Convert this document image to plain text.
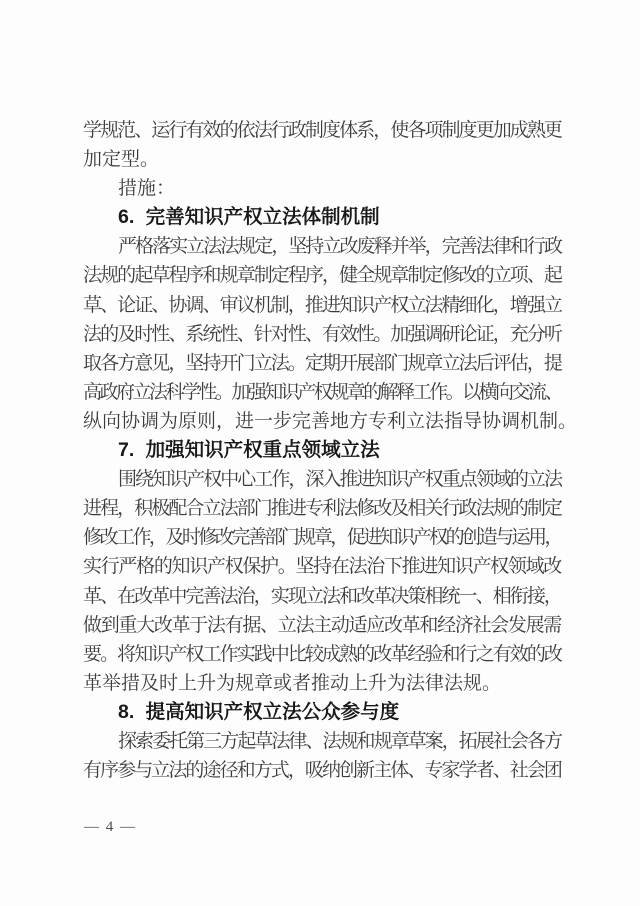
学规范、运行有效的依法行政制度体系，使各项制度更加成熟更
加定型。
措施：
6. 完善知识产权立法体制机制
严格落实立法法规定，坚持立改废释并举，完善法律和行政
法规的起草程序和规章制定程序，健全规章制定修改的立项、起
草、论证、协调、审议机制，推进知识产权立法精细化，增强立
法的及时性、系统性、针对性、有效性。加强调研论证，充分听
取各方意见，坚持开门立法。定期开展部门规章立法后评估，提
高政府立法科学性。加强知识产权规章的解释工作。以横向交流、
纵向协调为原则，进一步完善地方专利立法指导协调机制。
7. 加强知识产权重点领域立法
围绕知识产权中心工作，深入推进知识产权重点领域的立法
进程，积极配合立法部门推进专利法修改及相关行政法规的制定
修改工作，及时修改完善部门规章，促进知识产权的创造与运用，
实行严格的知识产权保护。坚持在法治下推进知识产权领域改
革、在改革中完善法治，实现立法和改革决策相统一、相衔接，
做到重大改革于法有据、立法主动适应改革和经济社会发展需
要。将知识产权工作实践中比较成熟的改革经验和行之有效的改
革举措及时上升为规章或者推动上升为法律法规。
8. 提高知识产权立法公众参与度
探索委托第三方起草法律、法规和规章草案，拓展社会各方
有序参与立法的途径和方式，吸纳创新主体、专家学者、社会团
— 4 —
